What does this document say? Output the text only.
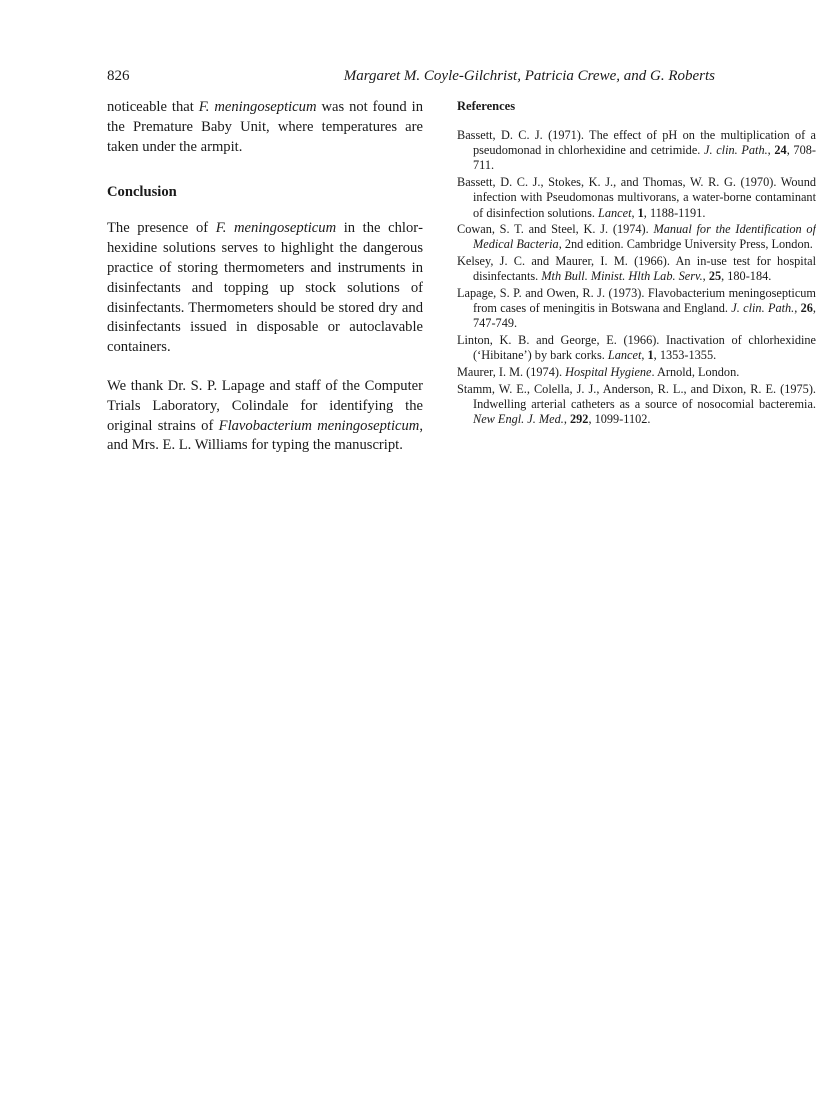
826	Margaret M. Coyle-Gilchrist, Patricia Crewe, and G. Roberts

noticeable that F. meningosepticum was not found in the Premature Baby Unit, where temperatures are taken under the armpit.

Conclusion

The presence of F. meningosepticum in the chlorhexidine solutions serves to highlight the dangerous practice of storing thermometers and instruments in disinfectants and topping up stock solutions of disinfectants. Thermometers should be stored dry and disinfectants issued in disposable or autoclavable containers.

We thank Dr. S. P. Lapage and staff of the Computer Trials Laboratory, Colindale for identifying the original strains of Flavobacterium meningosepticum, and Mrs. E. L. Williams for typing the manuscript.

References

Bassett, D. C. J. (1971). The effect of pH on the multiplication of a pseudomonad in chlorhexidine and cetrimide. J. clin. Path., 24, 708-711.

Bassett, D. C. J., Stokes, K. J., and Thomas, W. R. G. (1970). Wound infection with Pseudomonas multivorans, a water-borne contaminant of disinfection solutions. Lancet, 1, 1188-1191.

Cowan, S. T. and Steel, K. J. (1974). Manual for the Identification of Medical Bacteria, 2nd edition. Cambridge University Press, London.

Kelsey, J. C. and Maurer, I. M. (1966). An in-use test for hospital disinfectants. Mth Bull. Minist. Hlth Lab. Serv., 25, 180-184.

Lapage, S. P. and Owen, R. J. (1973). Flavobacterium meningosepticum from cases of meningitis in Botswana and England. J. clin. Path., 26, 747-749.

Linton, K. B. and George, E. (1966). Inactivation of chlorhexidine (‘Hibitane’) by bark corks. Lancet, 1, 1353-1355.

Maurer, I. M. (1974). Hospital Hygiene. Arnold, London.

Stamm, W. E., Colella, J. J., Anderson, R. L., and Dixon, R. E. (1975). Indwelling arterial catheters as a source of nosocomial bacteremia. New Engl. J. Med., 292, 1099-1102.
